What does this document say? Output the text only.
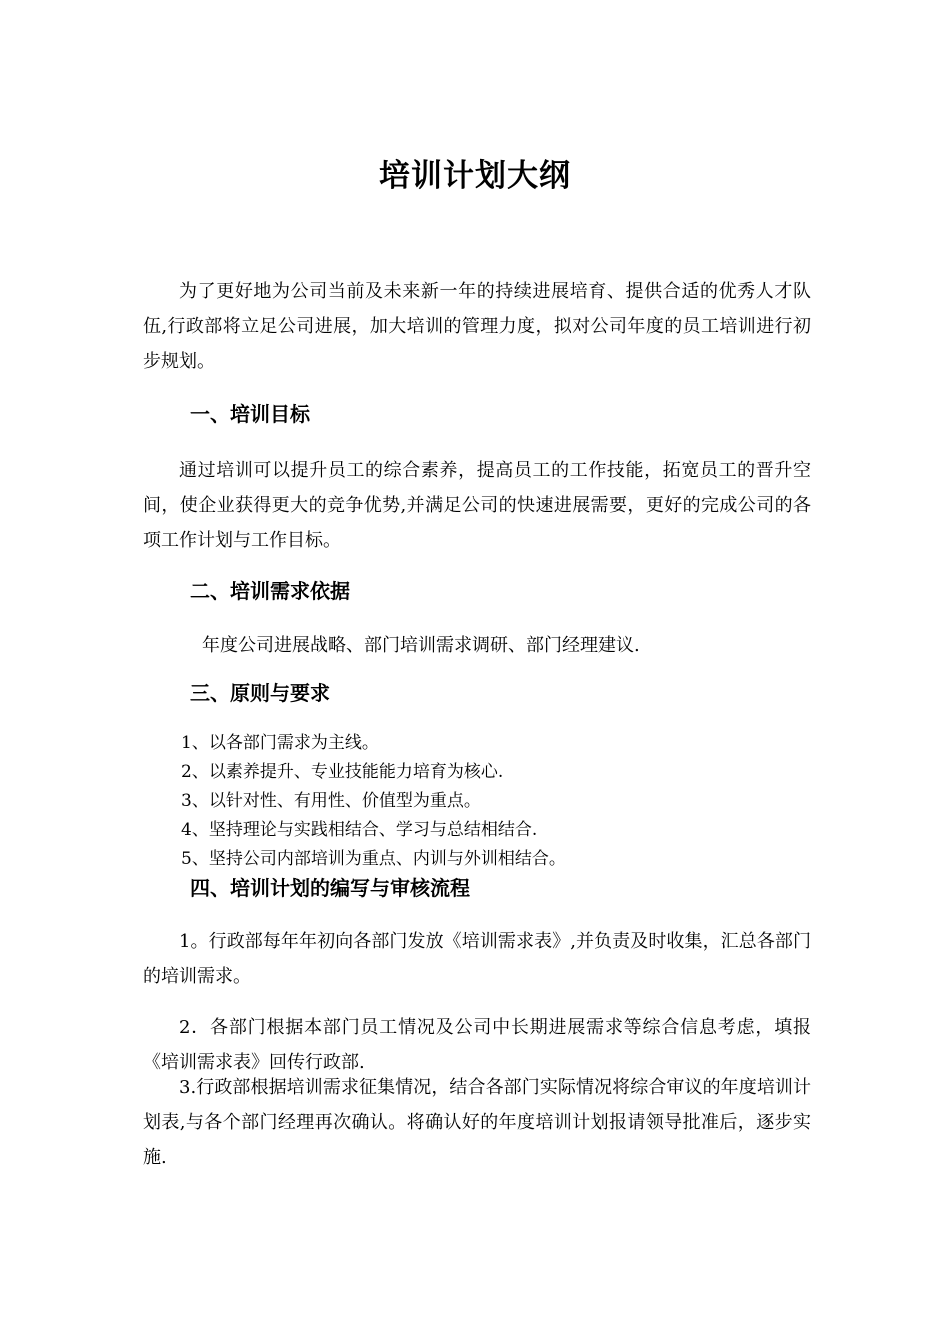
培训计划大纲

为了更好地为公司当前及未来新一年的持续进展培育、提供合适的优秀人才队伍,行政部将立足公司进展，加大培训的管理力度，拟对公司年度的员工培训进行初步规划。

一、培训目标

通过培训可以提升员工的综合素养，提高员工的工作技能，拓宽员工的晋升空间，使企业获得更大的竞争优势,并满足公司的快速进展需要，更好的完成公司的各项工作计划与工作目标。

二、培训需求依据

年度公司进展战略、部门培训需求调研、部门经理建议.

三、原则与要求
1、以各部门需求为主线。
2、以素养提升、专业技能能力培育为核心.
3、以针对性、有用性、价值型为重点。
4、坚持理论与实践相结合、学习与总结相结合.
5、坚持公司内部培训为重点、内训与外训相结合。
四、培训计划的编写与审核流程

1。行政部每年年初向各部门发放《培训需求表》,并负责及时收集，汇总各部门的培训需求。

2．各部门根据本部门员工情况及公司中长期进展需求等综合信息考虑，填报《培训需求表》回传行政部.

3.行政部根据培训需求征集情况，结合各部门实际情况将综合审议的年度培训计划表,与各个部门经理再次确认。将确认好的年度培训计划报请领导批准后，逐步实施.
